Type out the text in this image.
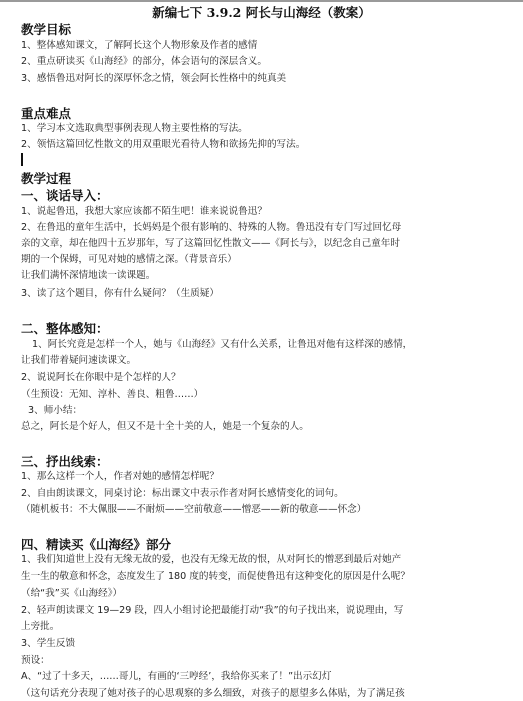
新编七下 3.9.2 阿长与山海经（教案）
教学目标
1、整体感知课文，了解阿长这个人物形象及作者的感情
2、重点研读买《山海经》的部分，体会语句的深层含义。
3、感悟鲁迅对阿长的深厚怀念之情，领会阿长性格中的纯真美
重点难点
1、学习本文选取典型事例表现人物主要性格的写法。
2、领悟这篇回忆性散文的用双重眼光看待人物和欲扬先抑的写法。
教学过程
一、谈话导入：
1、说起鲁迅，我想大家应该都不陌生吧！谁来说说鲁迅？
2、在鲁迅的童年生活中，长妈妈是个很有影响的、特殊的人物。鲁迅没有专门写过回忆母
亲的文章，却在他四十五岁那年，写了这篇回忆性散文——《阿长与》，以纪念自己童年时
期的一个保姆，可见对她的感情之深。（背景音乐）
让我们满怀深情地读一读课题。
3、读了这个题目，你有什么疑问？（生质疑）
二、整体感知：
1、阿长究竟是怎样一个人，她与《山海经》又有什么关系，让鲁迅对他有这样深的感情，
让我们带着疑问速读课文。
2、说说阿长在你眼中是个怎样的人？
（生预设：无知、淳朴、善良、粗鲁……）
3、师小结：
总之，阿长是个好人，但又不是十全十美的人，她是一个复杂的人。
三、抒出线索：
1、那么这样一个人，作者对她的感情怎样呢？
2、自由朗读课文，同桌讨论：标出课文中表示作者对阿长感情变化的词句。
（随机板书：不大佩服——不耐烦——空前敬意——憎恶——新的敬意——怀念）
四、精读买《山海经》部分
1、我们知道世上没有无缘无故的爱，也没有无缘无故的恨，从对阿长的憎恶到最后对她产
生一生的敬意和怀念，态度发生了 180 度的转变，而促使鲁迅有这种变化的原因是什么呢？
（给“我”买《山海经》）
2、轻声朗读课文 19—29 段，四人小组讨论把最能打动“我”的句子找出来，说说理由，写
上旁批。
3、学生反馈
预设：
A、“过了十多天，……哥儿，有画的‘三哼经’，我给你买来了！”出示幻灯
（这句话充分表现了她对孩子的心思观察的多么细致，对孩子的愿望多么体贴，为了满足孩
